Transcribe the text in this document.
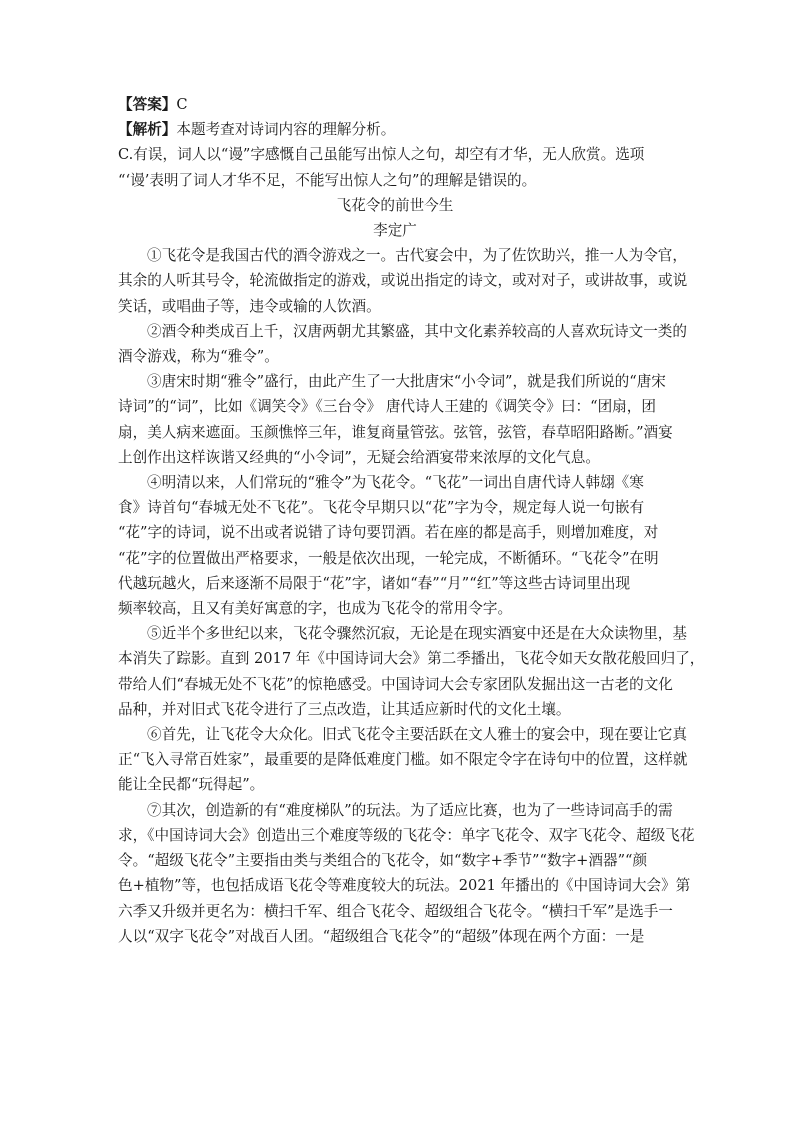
【答案】C
【解析】本题考查对诗词内容的理解分析。
C.有误，词人以“谩”字感慨自己虽能写出惊人之句，却空有才华，无人欣赏。选项
“‘谩’表明了词人才华不足，不能写出惊人之句”的理解是错误的。
飞花令的前世今生
李定广
①飞花令是我国古代的酒令游戏之一。古代宴会中，为了佐饮助兴，推一人为令官，
其余的人听其号令，轮流做指定的游戏，或说出指定的诗文，或对对子，或讲故事，或说
笑话，或唱曲子等，违令或输的人饮酒。
②酒令种类成百上千，汉唐两朝尤其繁盛，其中文化素养较高的人喜欢玩诗文一类的
酒令游戏，称为“雅令”。
③唐宋时期“雅令”盛行，由此产生了一大批唐宋“小令词”，就是我们所说的“唐宋
诗词”的“词”，比如《调笑令》《三台令》 唐代诗人王建的《调笑令》曰：“团扇，团
扇，美人病来遮面。玉颜憔悴三年，谁复商量管弦。弦管，弦管，春草昭阳路断。”酒宴
上创作出这样诙谐又经典的“小令词”，无疑会给酒宴带来浓厚的文化气息。
④明清以来，人们常玩的“雅令”为飞花令。“飞花”一词出自唐代诗人韩翃《寒
食》诗首句“春城无处不飞花”。飞花令早期只以“花”字为令，规定每人说一句嵌有
“花”字的诗词，说不出或者说错了诗句要罚酒。若在座的都是高手，则增加难度，对
“花”字的位置做出严格要求，一般是依次出现，一轮完成，不断循环。“飞花令”在明
代越玩越火，后来逐渐不局限于“花”字，诸如“春”“月”“红”等这些古诗词里出现
频率较高，且又有美好寓意的字，也成为飞花令的常用令字。
⑤近半个多世纪以来，飞花令骤然沉寂，无论是在现实酒宴中还是在大众读物里，基
本消失了踪影。直到 2017 年《中国诗词大会》第二季播出，飞花令如天女散花般回归了，
带给人们“春城无处不飞花”的惊艳感受。中国诗词大会专家团队发掘出这一古老的文化
品种，并对旧式飞花令进行了三点改造，让其适应新时代的文化土壤。
⑥首先，让飞花令大众化。旧式飞花令主要活跃在文人雅士的宴会中，现在要让它真
正“飞入寻常百姓家”，最重要的是降低难度门槛。如不限定令字在诗句中的位置，这样就
能让全民都“玩得起”。
⑦其次，创造新的有“难度梯队”的玩法。为了适应比赛，也为了一些诗词高手的需
求，《中国诗词大会》创造出三个难度等级的飞花令：单字飞花令、双字飞花令、超级飞花
令。“超级飞花令”主要指由类与类组合的飞花令，如“数字+季节”“数字+酒器”“颜
色+植物”等，也包括成语飞花令等难度较大的玩法。2021 年播出的《中国诗词大会》第
六季又升级并更名为：横扫千军、组合飞花令、超级组合飞花令。“横扫千军”是选手一
人以“双字飞花令”对战百人团。“超级组合飞花令”的“超级”体现在两个方面：一是
